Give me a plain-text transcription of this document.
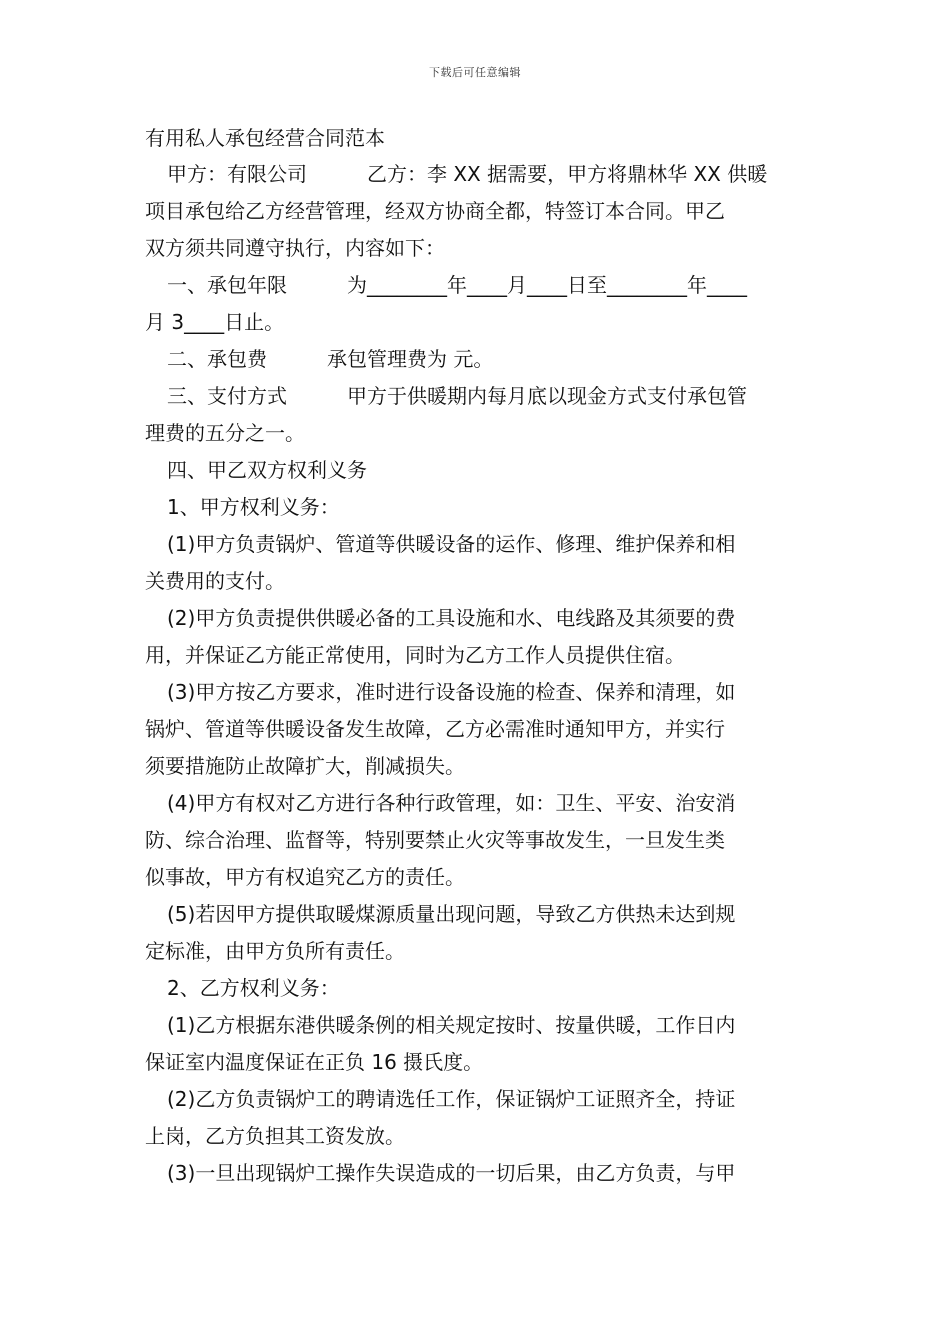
下载后可任意编辑

有用私人承包经营合同范本

甲方：有限公司　　　乙方：李 XX 据需要，甲方将鼎林华 XX 供暖

项目承包给乙方经营管理，经双方协商全都，特签订本合同。甲乙

双方须共同遵守执行，内容如下：

一、承包年限　　　为________年____月____日至________年____

月 3____日止。

二、承包费　　　承包管理费为 元。

三、支付方式　　　甲方于供暖期内每月底以现金方式支付承包管

理费的五分之一。

四、甲乙双方权利义务

1、甲方权利义务：

(1)甲方负责锅炉、管道等供暖设备的运作、修理、维护保养和相

关费用的支付。

(2)甲方负责提供供暖必备的工具设施和水、电线路及其须要的费

用，并保证乙方能正常使用，同时为乙方工作人员提供住宿。

(3)甲方按乙方要求，准时进行设备设施的检查、保养和清理，如

锅炉、管道等供暖设备发生故障，乙方必需准时通知甲方，并实行

须要措施防止故障扩大，削减损失。

(4)甲方有权对乙方进行各种行政管理，如：卫生、平安、治安消

防、综合治理、监督等，特别要禁止火灾等事故发生，一旦发生类

似事故，甲方有权追究乙方的责任。

(5)若因甲方提供取暖煤源质量出现问题，导致乙方供热未达到规

定标准，由甲方负所有责任。

2、乙方权利义务：

(1)乙方根据东港供暖条例的相关规定按时、按量供暖，工作日内

保证室内温度保证在正负 16 摄氏度。

(2)乙方负责锅炉工的聘请选任工作，保证锅炉工证照齐全，持证

上岗，乙方负担其工资发放。

(3)一旦出现锅炉工操作失误造成的一切后果，由乙方负责，与甲
